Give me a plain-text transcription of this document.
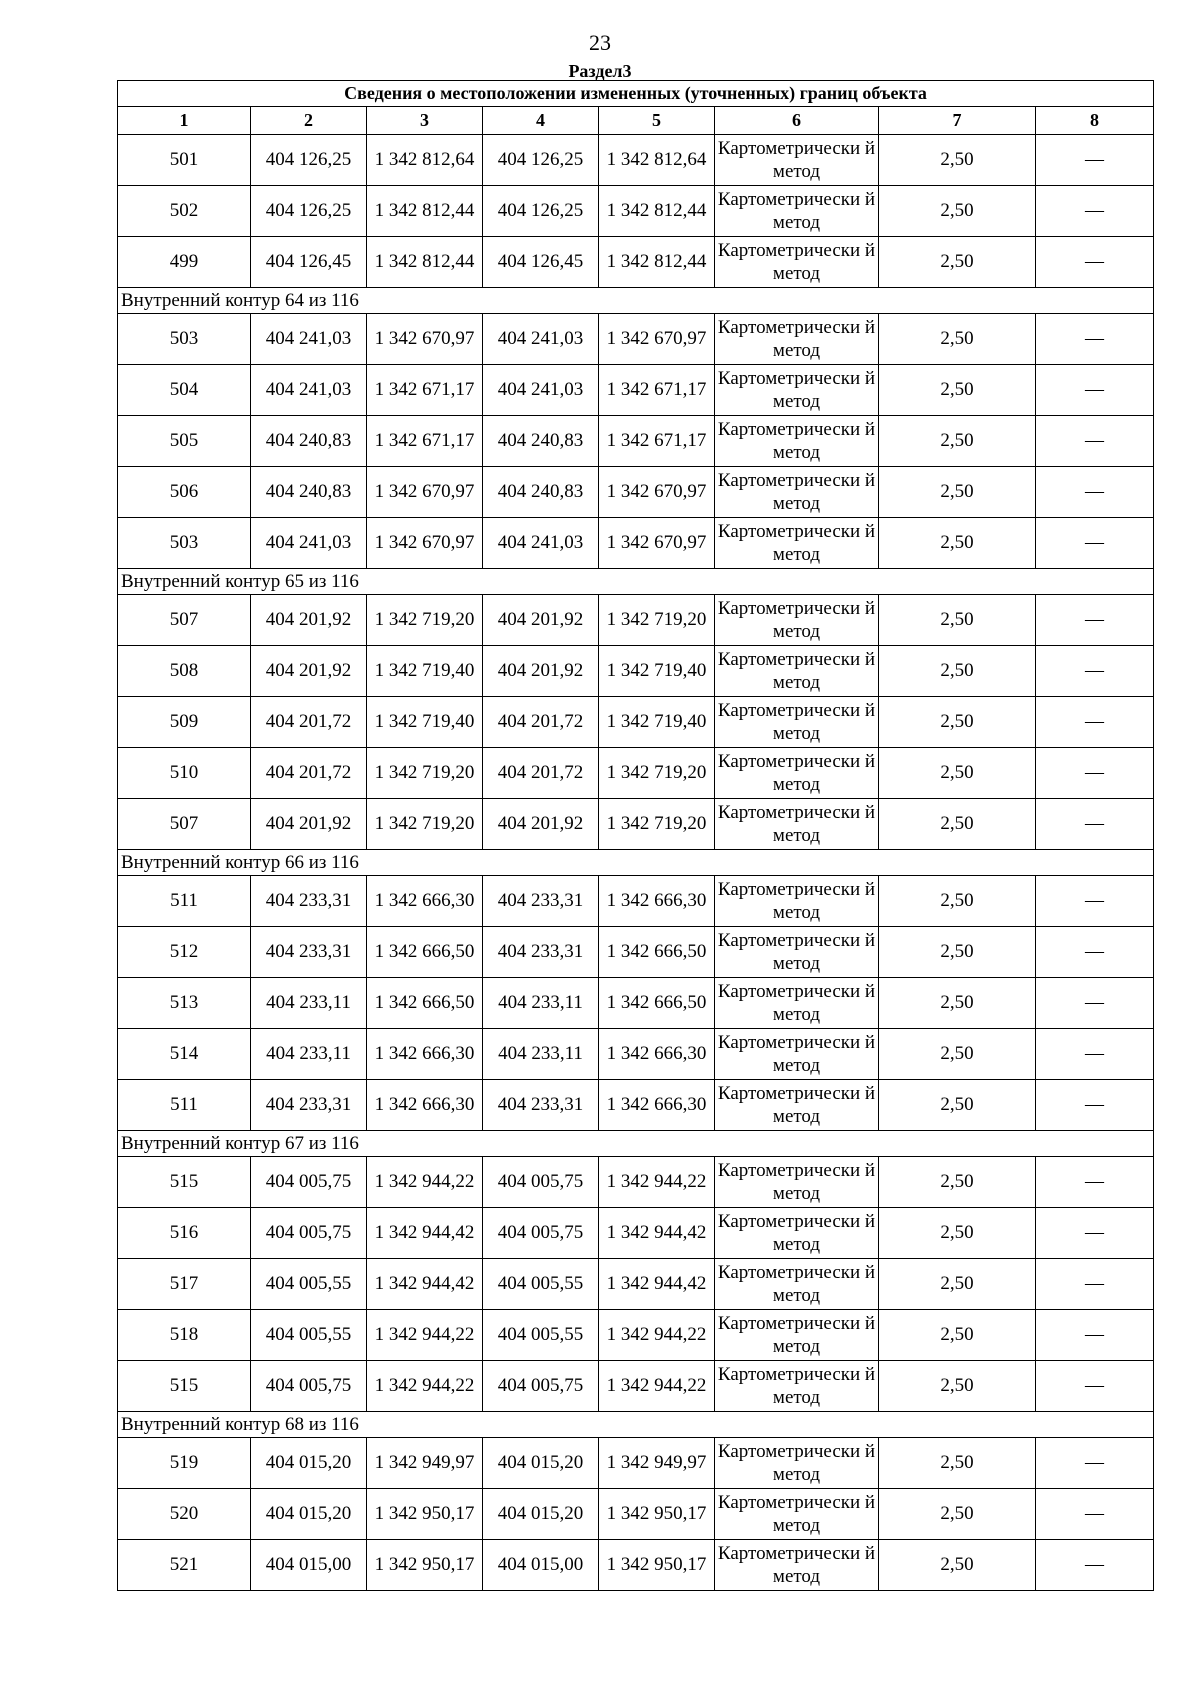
23
Раздел3
Сведения о местоположении измененных (уточненных) границ объекта							
1	2	3	4	5	6	7	8
501	404 126,25	1 342 812,64	404 126,25	1 342 812,64	Картометрически й метод	2,50	—
502	404 126,25	1 342 812,44	404 126,25	1 342 812,44	Картометрически й метод	2,50	—
499	404 126,45	1 342 812,44	404 126,45	1 342 812,44	Картометрически й метод	2,50	—
Внутренний контур 64 из 116							
503	404 241,03	1 342 670,97	404 241,03	1 342 670,97	Картометрически й метод	2,50	—
504	404 241,03	1 342 671,17	404 241,03	1 342 671,17	Картометрически й метод	2,50	—
505	404 240,83	1 342 671,17	404 240,83	1 342 671,17	Картометрически й метод	2,50	—
506	404 240,83	1 342 670,97	404 240,83	1 342 670,97	Картометрически й метод	2,50	—
503	404 241,03	1 342 670,97	404 241,03	1 342 670,97	Картометрически й метод	2,50	—
Внутренний контур 65 из 116							
507	404 201,92	1 342 719,20	404 201,92	1 342 719,20	Картометрически й метод	2,50	—
508	404 201,92	1 342 719,40	404 201,92	1 342 719,40	Картометрически й метод	2,50	—
509	404 201,72	1 342 719,40	404 201,72	1 342 719,40	Картометрически й метод	2,50	—
510	404 201,72	1 342 719,20	404 201,72	1 342 719,20	Картометрически й метод	2,50	—
507	404 201,92	1 342 719,20	404 201,92	1 342 719,20	Картометрически й метод	2,50	—
Внутренний контур 66 из 116							
511	404 233,31	1 342 666,30	404 233,31	1 342 666,30	Картометрически й метод	2,50	—
512	404 233,31	1 342 666,50	404 233,31	1 342 666,50	Картометрически й метод	2,50	—
513	404 233,11	1 342 666,50	404 233,11	1 342 666,50	Картометрически й метод	2,50	—
514	404 233,11	1 342 666,30	404 233,11	1 342 666,30	Картометрически й метод	2,50	—
511	404 233,31	1 342 666,30	404 233,31	1 342 666,30	Картометрически й метод	2,50	—
Внутренний контур 67 из 116							
515	404 005,75	1 342 944,22	404 005,75	1 342 944,22	Картометрически й метод	2,50	—
516	404 005,75	1 342 944,42	404 005,75	1 342 944,42	Картометрически й метод	2,50	—
517	404 005,55	1 342 944,42	404 005,55	1 342 944,42	Картометрически й метод	2,50	—
518	404 005,55	1 342 944,22	404 005,55	1 342 944,22	Картометрически й метод	2,50	—
515	404 005,75	1 342 944,22	404 005,75	1 342 944,22	Картометрически й метод	2,50	—
Внутренний контур 68 из 116							
519	404 015,20	1 342 949,97	404 015,20	1 342 949,97	Картометрически й метод	2,50	—
520	404 015,20	1 342 950,17	404 015,20	1 342 950,17	Картометрически й метод	2,50	—
521	404 015,00	1 342 950,17	404 015,00	1 342 950,17	Картометрически й метод	2,50	—
